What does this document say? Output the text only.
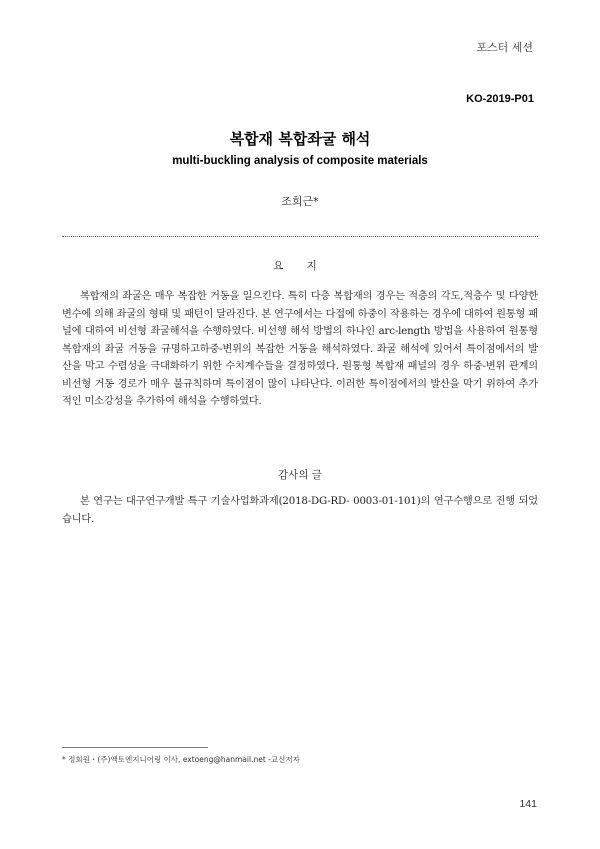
포스터 세션
KO-2019-P01
복합재 복합좌굴 해석
multi-buckling analysis of composite materials
조희근*
요 지

복합재의 좌굴은 매우 복잡한 거동을 일으킨다. 특히 다층 복합재의 경우는 적층의 각도,적층수 및 다양한 변수에 의해 좌굴의 형태 및 패턴이 달라진다. 본 연구에서는 다접에 하중이 작용하는 경우에 대하여 원통형 패널에 대하여 비선형 좌굴해석을 수행하였다. 비선행 해석 방법의 하나인 arc-length 방법을 사용하여 원통형 복합재의 좌굴 거동을 규명하고하중-변위의 복잡한 거동을 해석하였다. 좌굴 해석에 있어서 특이점에서의 발산을 막고 수렴성을 극대화하기 위한 수치계수들을 결정하였다. 원통형 복합재 패널의 경우 하중-변위 관계의 비선형 거동 경로가 매우 불규칙하며 특이점이 많이 나타난다. 이러한 특이점에서의 발산을 막기 위하여 추가적인 미소강성을 추가하여 해석을 수행하였다.

감사의 글

본 연구는 대구연구개발 특구 기술사업화과제(2018-DG-RD- 0003-01-101)의 연구수행으로 진행 되었습니다.

* 정회원・(주)엑토엔지니어링 이사, extoeng@hanmail.net -교신저자
141
